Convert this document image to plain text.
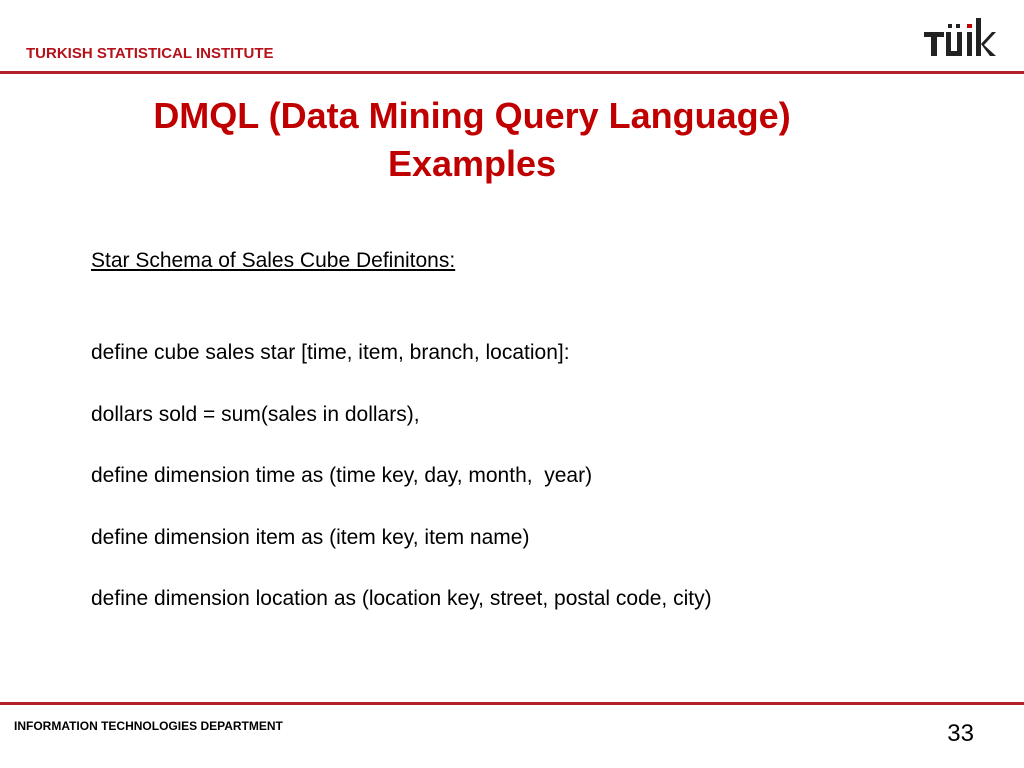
TURKISH STATISTICAL INSTITUTE
DMQL (Data Mining Query Language)
Examples
Star Schema of Sales Cube Definitons:
define cube sales star [time, item, branch, location]:
dollars sold = sum(sales in dollars),
define dimension time as (time key, day, month,  year)
define dimension item as (item key, item name)
define dimension location as (location key, street, postal code, city)
INFORMATION TECHNOLOGIES DEPARTMENT	33
